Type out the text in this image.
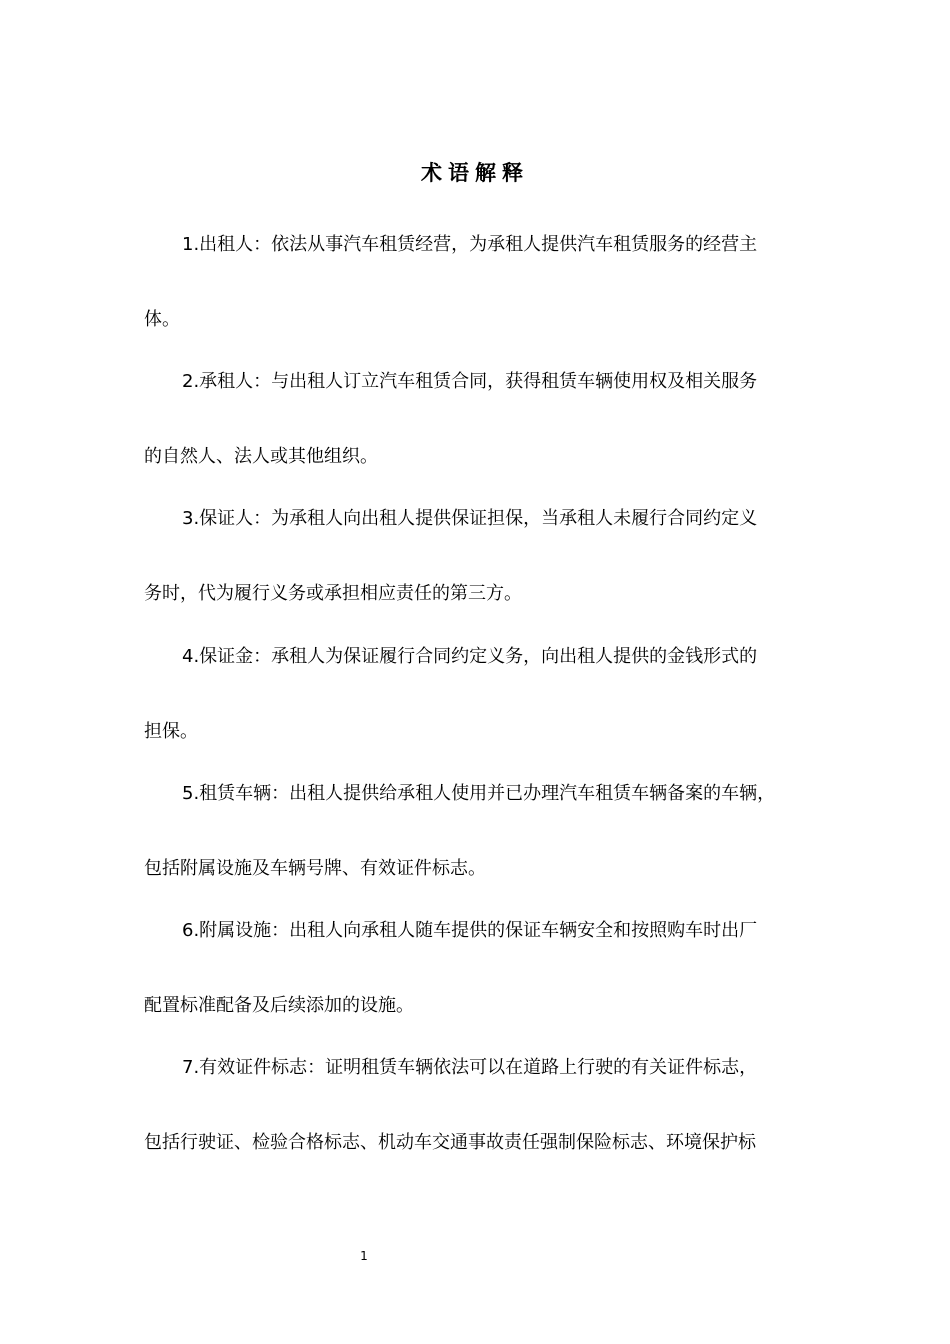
术语解释
1.出租人：依法从事汽车租赁经营，为承租人提供汽车租赁服务的经营主
体。
2.承租人：与出租人订立汽车租赁合同，获得租赁车辆使用权及相关服务
的自然人、法人或其他组织。
3.保证人：为承租人向出租人提供保证担保，当承租人未履行合同约定义
务时，代为履行义务或承担相应责任的第三方。
4.保证金：承租人为保证履行合同约定义务，向出租人提供的金钱形式的
担保。
5.租赁车辆：出租人提供给承租人使用并已办理汽车租赁车辆备案的车辆，
包括附属设施及车辆号牌、有效证件标志。
6.附属设施：出租人向承租人随车提供的保证车辆安全和按照购车时出厂
配置标准配备及后续添加的设施。
7.有效证件标志：证明租赁车辆依法可以在道路上行驶的有关证件标志，
包括行驶证、检验合格标志、机动车交通事故责任强制保险标志、环境保护标
1
